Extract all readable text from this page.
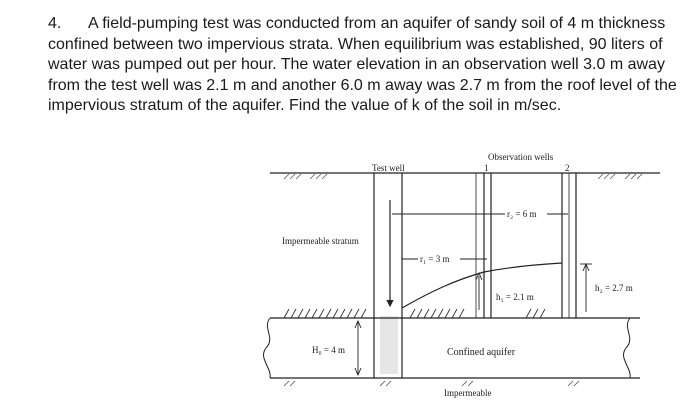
4. A field-pumping test was conducted from an aquifer of sandy soil of 4 m thickness confined between two impervious strata. When equilibrium was established, 90 liters of water was pumped out per hour. The water elevation in an observation well 3.0 m away from the test well was 2.1 m and another 6.0 m away was 2.7 m from the roof level of the impervious stratum of the aquifer. Find the value of k of the soil in m/sec.
Test well
Observation wells
1	2
r₂ = 6 m
r₁ = 3 m
Impermeable stratum
h₁ = 2.1 m
h₂ = 2.7 m
H₀ = 4 m	Confined aquifer
Impermeable
